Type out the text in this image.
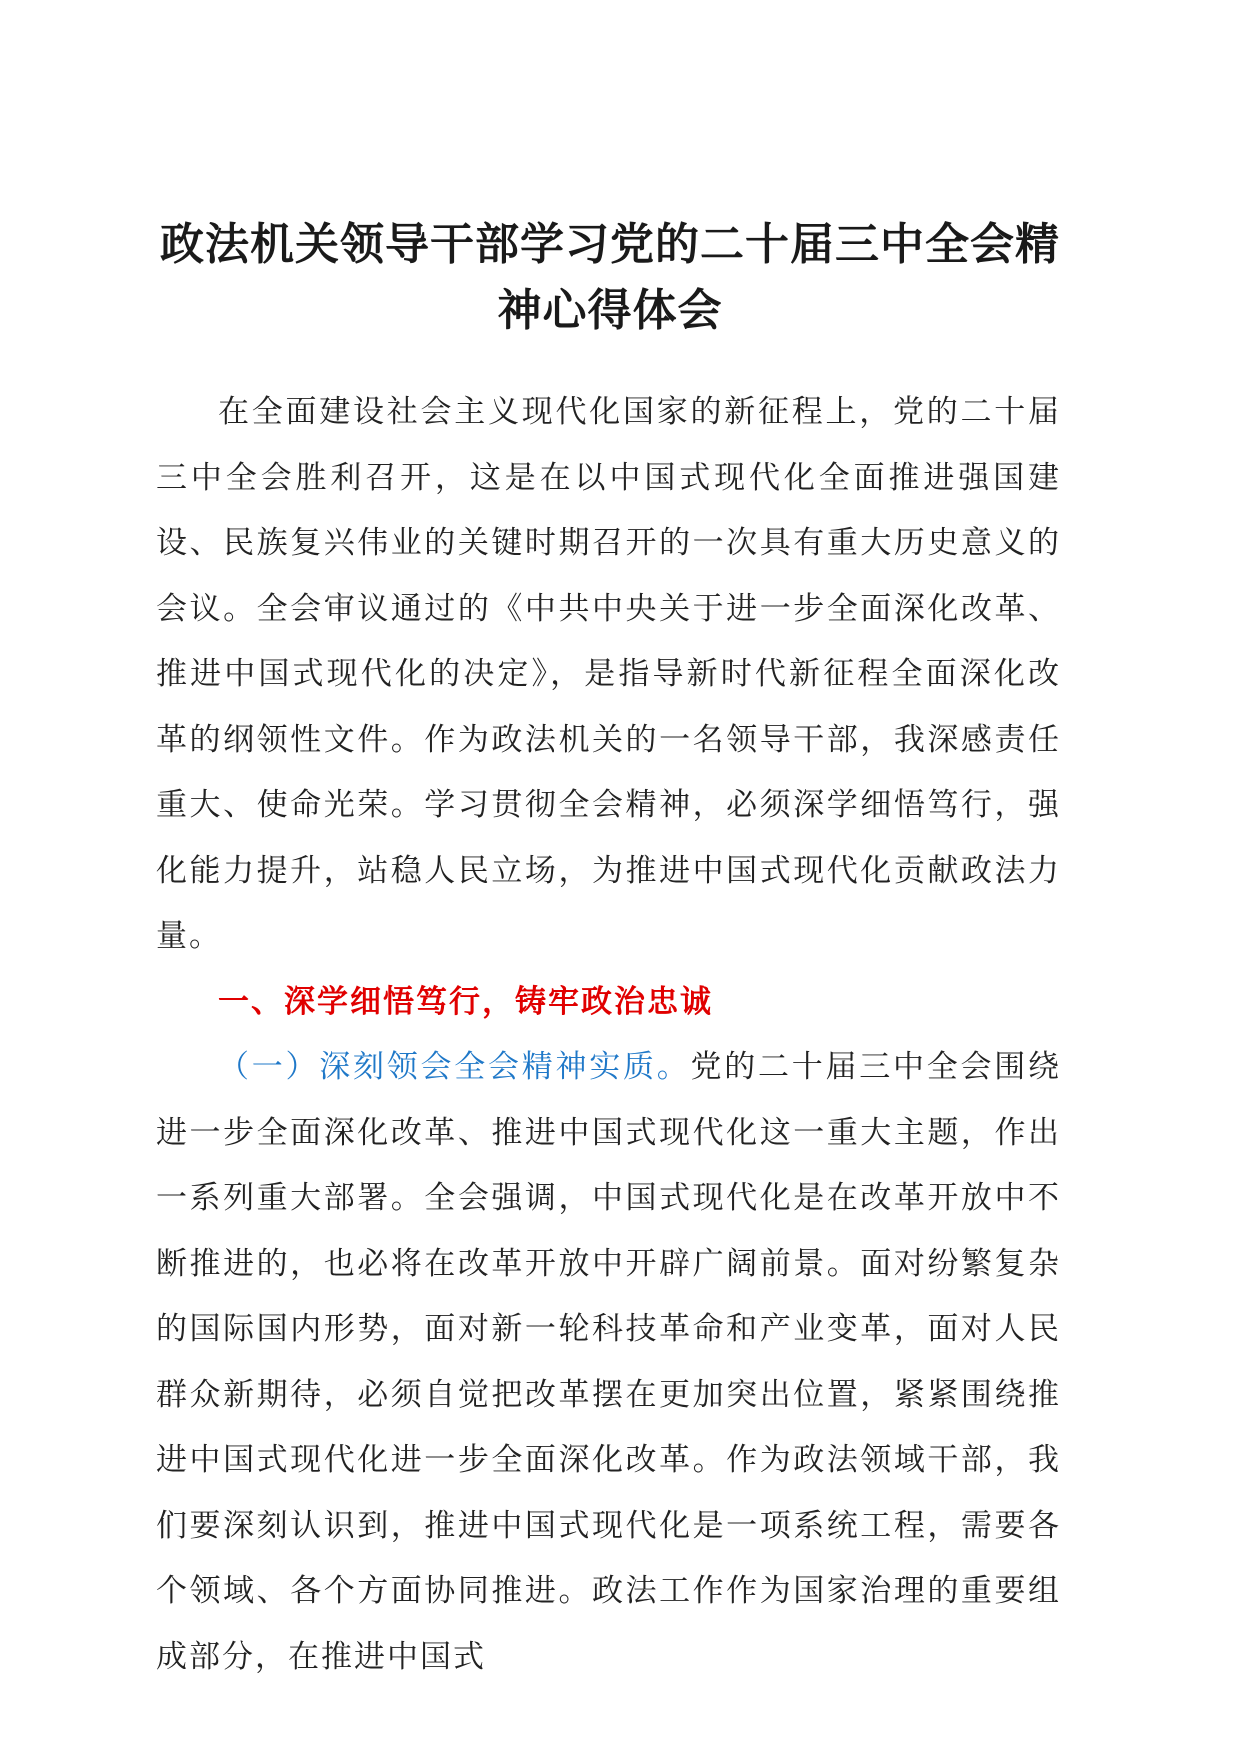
政法机关领导干部学习党的二十届三中全会精
神心得体会

在全面建设社会主义现代化国家的新征程上，党的二十届三中全会胜利召开，这是在以中国式现代化全面推进强国建设、民族复兴伟业的关键时期召开的一次具有重大历史意义的会议。全会审议通过的《中共中央关于进一步全面深化改革、推进中国式现代化的决定》，是指导新时代新征程全面深化改革的纲领性文件。作为政法机关的一名领导干部，我深感责任重大、使命光荣。学习贯彻全会精神，必须深学细悟笃行，强化能力提升，站稳人民立场，为推进中国式现代化贡献政法力量。

一、深学细悟笃行，铸牢政治忠诚

（一）深刻领会全会精神实质。党的二十届三中全会围绕进一步全面深化改革、推进中国式现代化这一重大主题，作出一系列重大部署。全会强调，中国式现代化是在改革开放中不断推进的，也必将在改革开放中开辟广阔前景。面对纷繁复杂的国际国内形势，面对新一轮科技革命和产业变革，面对人民群众新期待，必须自觉把改革摆在更加突出位置，紧紧围绕推进中国式现代化进一步全面深化改革。作为政法领域干部，我们要深刻认识到，推进中国式现代化是一项系统工程，需要各个领域、各个方面协同推进。政法工作作为国家治理的重要组成部分，在推进中国式
